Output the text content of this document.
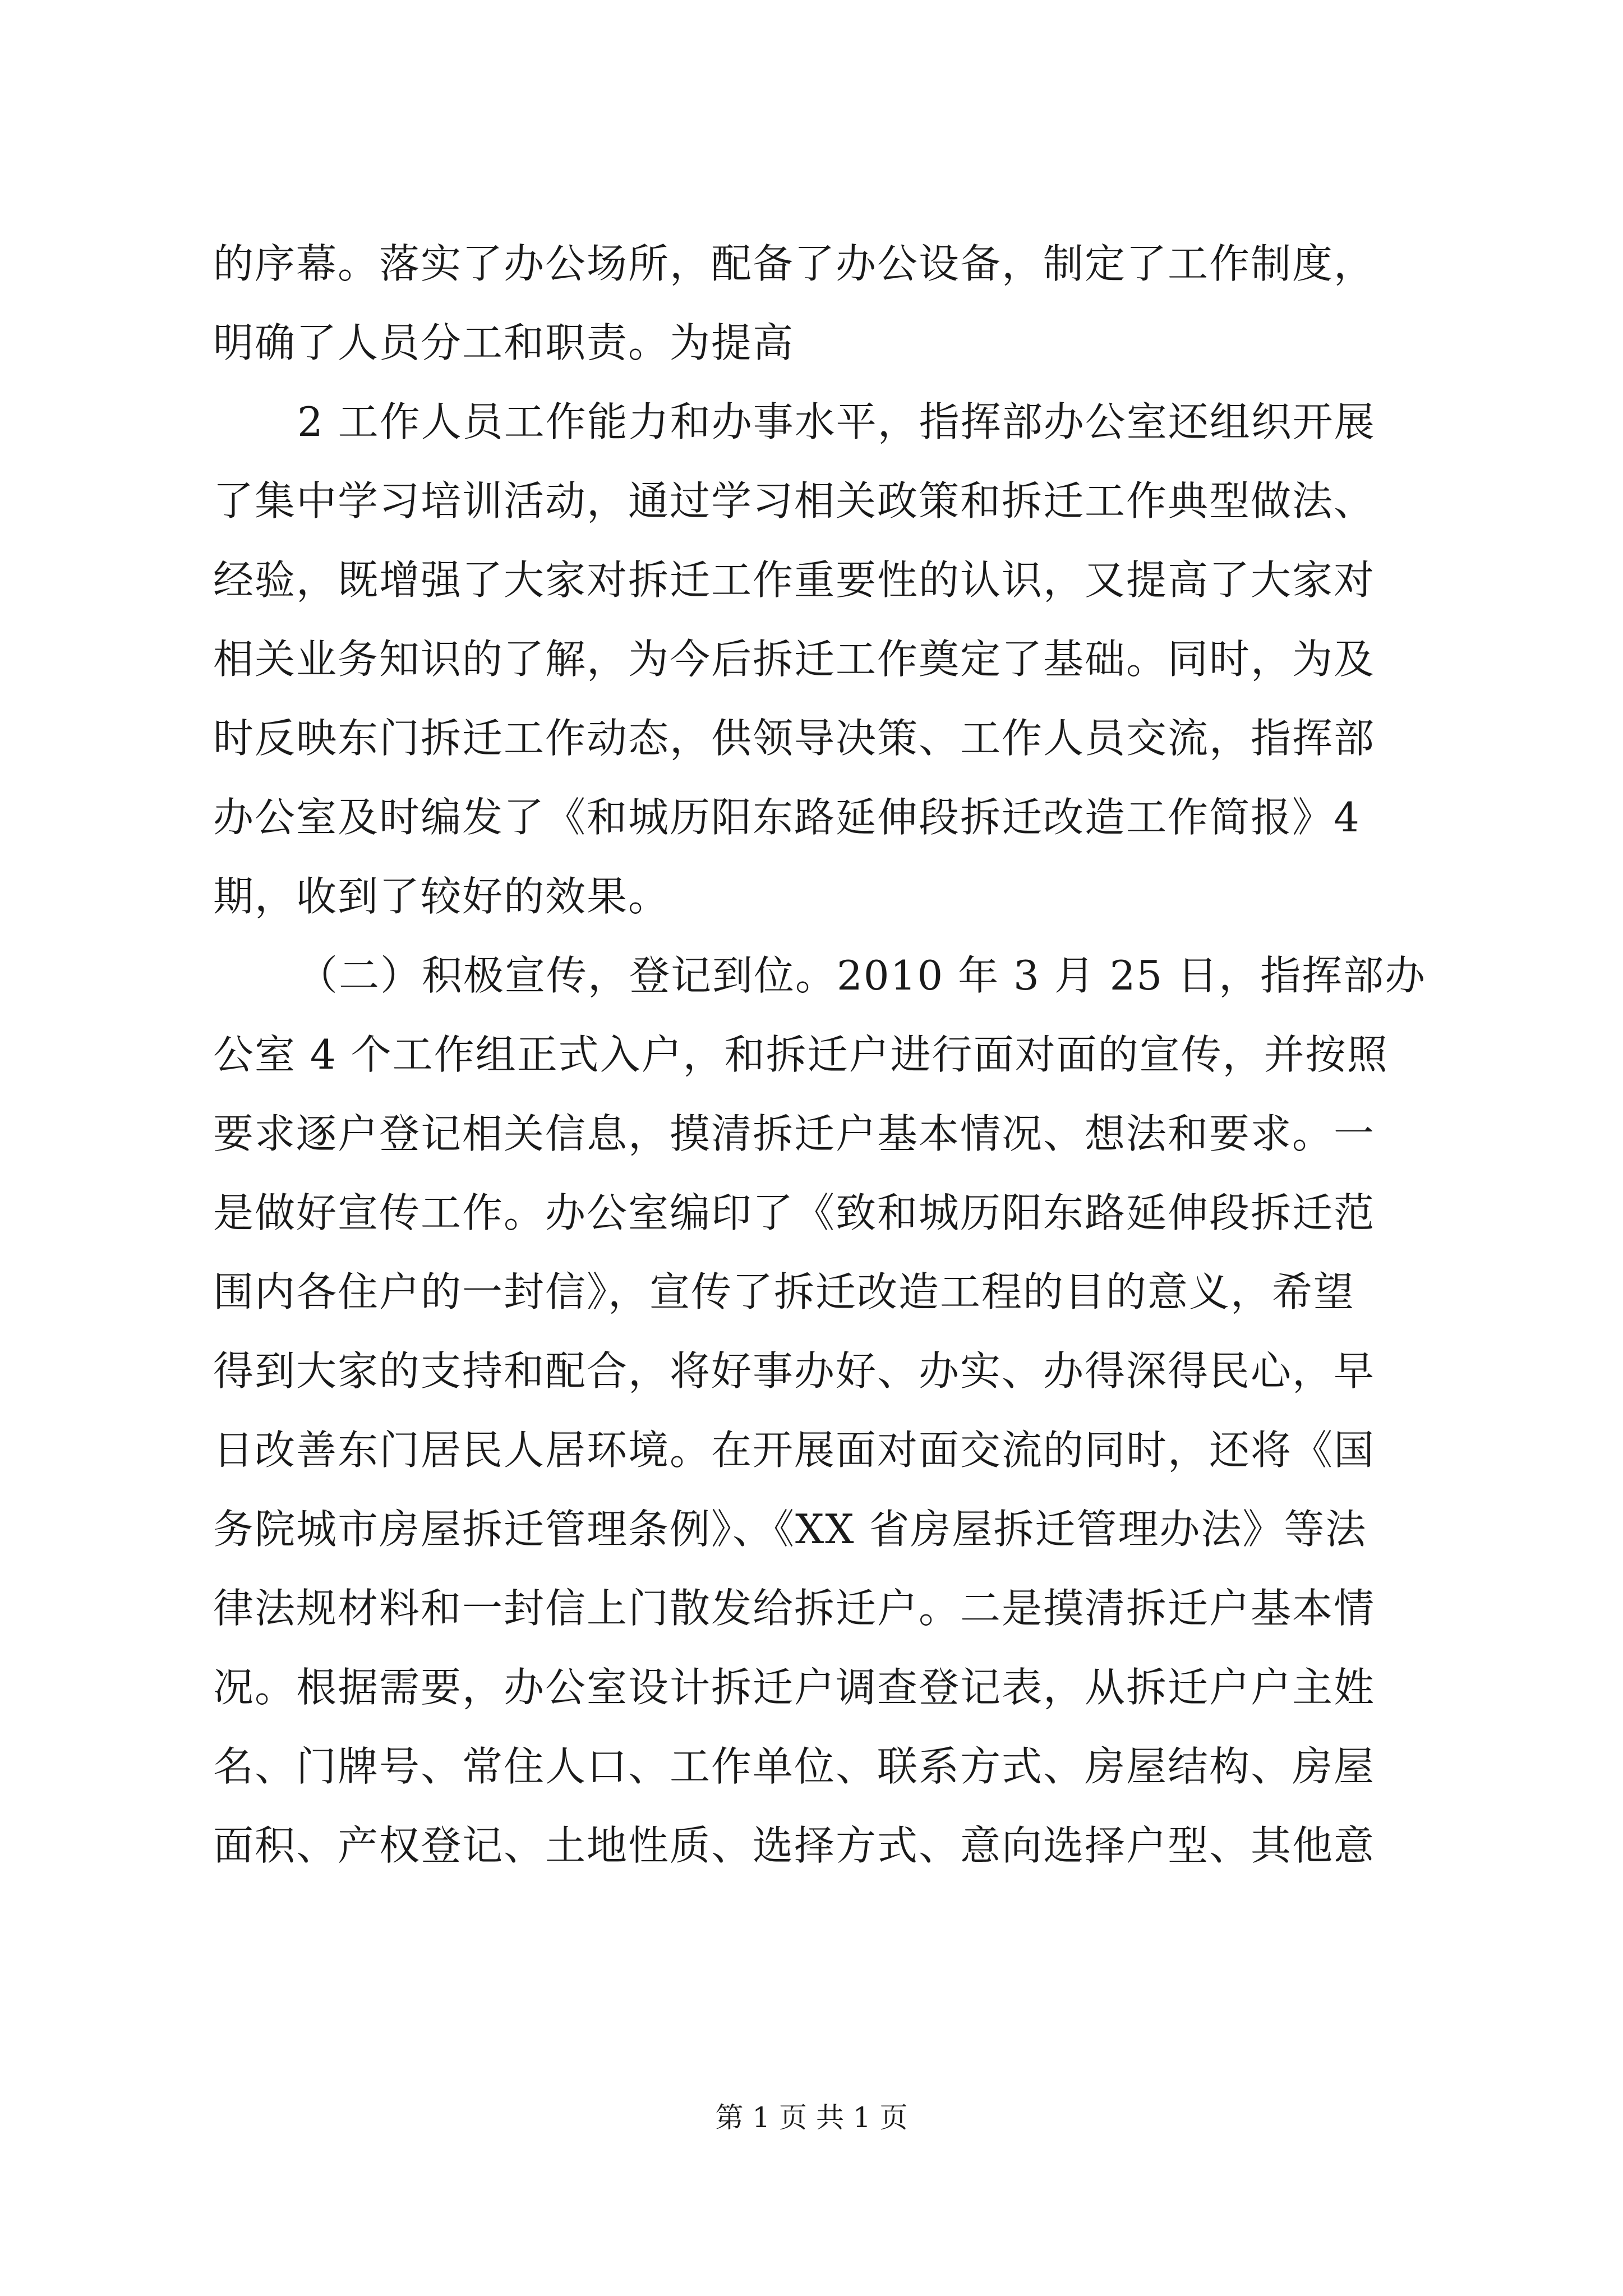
的序幕。落实了办公场所，配备了办公设备，制定了工作制度，
明确了人员分工和职责。为提高
2 工作人员工作能力和办事水平，指挥部办公室还组织开展
了集中学习培训活动，通过学习相关政策和拆迁工作典型做法、
经验，既增强了大家对拆迁工作重要性的认识，又提高了大家对
相关业务知识的了解，为今后拆迁工作奠定了基础。同时，为及
时反映东门拆迁工作动态，供领导决策、工作人员交流，指挥部
办公室及时编发了《和城历阳东路延伸段拆迁改造工作简报》4
期，收到了较好的效果。
（二）积极宣传，登记到位。2010 年 3 月 25 日，指挥部办
公室 4 个工作组正式入户，和拆迁户进行面对面的宣传，并按照
要求逐户登记相关信息，摸清拆迁户基本情况、想法和要求。一
是做好宣传工作。办公室编印了《致和城历阳东路延伸段拆迁范
围内各住户的一封信》，宣传了拆迁改造工程的目的意义，希望
得到大家的支持和配合，将好事办好、办实、办得深得民心，早
日改善东门居民人居环境。在开展面对面交流的同时，还将《国
务院城市房屋拆迁管理条例》、《XX 省房屋拆迁管理办法》等法
律法规材料和一封信上门散发给拆迁户。二是摸清拆迁户基本情
况。根据需要，办公室设计拆迁户调查登记表，从拆迁户户主姓
名、门牌号、常住人口、工作单位、联系方式、房屋结构、房屋
面积、产权登记、土地性质、选择方式、意向选择户型、其他意
第 1 页 共 1 页
